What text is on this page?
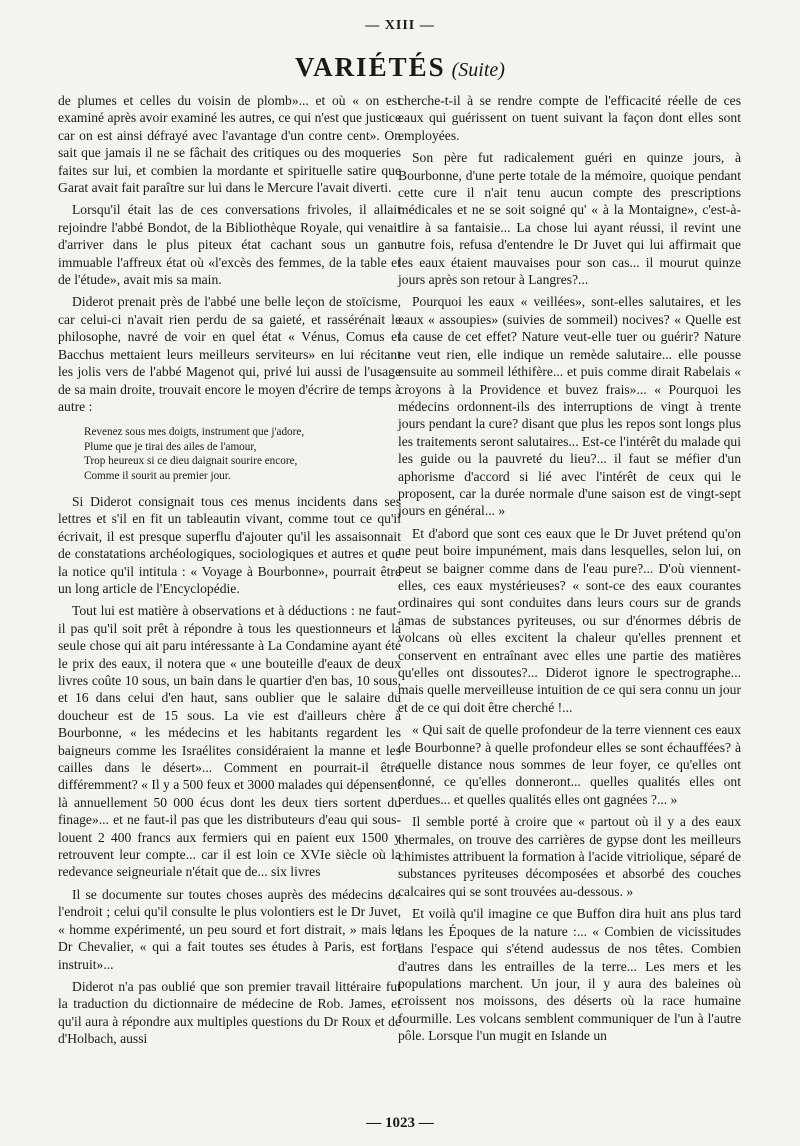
— XIII —
VARIÉTÉS (Suite)

de plumes et celles du voisin de plomb»... et où « on est examiné après avoir examiné les autres, ce qui n'est que justice car on est ainsi défrayé avec l'avantage d'un contre cent». On sait que jamais il ne se fâchait des critiques ou des moqueries faites sur lui, et combien la mordante et spirituelle satire que Garat avait fait paraître sur lui dans le Mercure l'avait diverti.

Lorsqu'il était las de ces conversations frivoles, il allait rejoindre l'abbé Bondot, de la Bibliothèque Royale, qui venait d'arriver dans le plus piteux état cachant sous un gant immuable l'affreux état où «l'excès des femmes, de la table et de l'étude», avait mis sa main.

Diderot prenait près de l'abbé une belle leçon de stoïcisme, car celui-ci n'avait rien perdu de sa gaieté, et rassérénait le philosophe, navré de voir en quel état « Vénus, Comus et Bacchus mettaient leurs meilleurs serviteurs» en lui récitant les jolis vers de l'abbé Magenot qui, privé lui aussi de l'usage de sa main droite, trouvait encore le moyen d'écrire de temps à autre :

Revenez sous mes doigts, instrument que j'adore,
Plume que je tirai des ailes de l'amour,
Trop heureux si ce dieu daignait sourire encore,
Comme il sourit au premier jour.

Si Diderot consignait tous ces menus incidents dans ses lettres et s'il en fit un tableautin vivant, comme tout ce qu'il écrivait, il est presque superflu d'ajouter qu'il les assaisonnait de constatations archéologiques, sociologiques et autres et que la notice qu'il intitula : « Voyage à Bourbonne», pourrait être un long article de l'Encyclopédie.

Tout lui est matière à observations et à déductions : ne faut-il pas qu'il soit prêt à répondre à tous les questionneurs et la seule chose qui ait paru intéressante à La Condamine ayant été le prix des eaux, il notera que « une bouteille d'eaux de deux livres coûte 10 sous, un bain dans le quartier d'en bas, 10 sous, et 16 dans celui d'en haut, sans oublier que le salaire du doucheur est de 15 sous. La vie est d'ailleurs chère à Bourbonne, « les médecins et les habitants regardent les baigneurs comme les Israélites considéraient la manne et les cailles dans le désert»... Comment en pourrait-il être différemment? « Il y a 500 feux et 3000 malades qui dépensent là annuellement 50 000 écus dont les deux tiers sortent du finage»... et ne faut-il pas que les distributeurs d'eau qui sous-louent 2 400 francs aux fermiers qui en paient eux 1500 y retrouvent leur compte... car il est loin ce XVIe siècle où la redevance seigneuriale n'était que de... six livres

Il se documente sur toutes choses auprès des médecins de l'endroit ; celui qu'il consulte le plus volontiers est le Dr Juvet, « homme expérimenté, un peu sourd et fort distrait, » mais le Dr Chevalier, « qui a fait toutes ses études à Paris, est fort instruit»...

Diderot n'a pas oublié que son premier travail littéraire fut la traduction du dictionnaire de médecine de Rob. James, et qu'il aura à répondre aux multiples questions du Dr Roux et de d'Holbach, aussi

cherche-t-il à se rendre compte de l'efficacité réelle de ces eaux qui guérissent on tuent suivant la façon dont elles sont employées.

Son père fut radicalement guéri en quinze jours, à Bourbonne, d'une perte totale de la mémoire, quoique pendant cette cure il n'ait tenu aucun compte des prescriptions médicales et ne se soit soigné qu' « à la Montaigne», c'est-à-dire à sa fantaisie... La chose lui ayant réussi, il revint une autre fois, refusa d'entendre le Dr Juvet qui lui affirmait que les eaux étaient mauvaises pour son cas... il mourut quinze jours après son retour à Langres?...

Pourquoi les eaux « veillées», sont-elles salutaires, et les eaux « assoupies» (suivies de sommeil) nocives? « Quelle est la cause de cet effet? Nature veut-elle tuer ou guérir? Nature ne veut rien, elle indique un remède salutaire... elle pousse ensuite au sommeil léthifère... et puis comme dirait Rabelais « croyons à la Providence et buvez frais»... « Pourquoi les médecins ordonnent-ils des interruptions de vingt à trente jours pendant la cure? disant que plus les repos sont longs plus les traitements seront salutaires... Est-ce l'intérêt du malade qui les guide ou la pauvreté du lieu?... il faut se méfier d'un aphorisme d'accord si lié avec l'intérêt de ceux qui le proposent, car la durée normale d'une saison est de vingt-sept jours en général... »

Et d'abord que sont ces eaux que le Dr Juvet prétend qu'on ne peut boire impunément, mais dans lesquelles, selon lui, on peut se baigner comme dans de l'eau pure?... D'où viennent-elles, ces eaux mystérieuses? « sont-ce des eaux courantes ordinaires qui sont conduites dans leurs cours sur de grands amas de substances pyriteuses, ou sur d'énormes débris de volcans où elles excitent la chaleur qu'elles prennent et conservent en entraînant avec elles une partie des matières qu'elles ont dissoutes?... Diderot ignore le spectrographe... mais quelle merveilleuse intuition de ce qui sera connu un jour et de ce qui doit être cherché !...

« Qui sait de quelle profondeur de la terre viennent ces eaux de Bourbonne? à quelle profondeur elles se sont échauffées? à quelle distance nous sommes de leur foyer, ce qu'elles ont donné, ce qu'elles donneront... quelles qualités elles ont perdues... et quelles qualités elles ont gagnées ?... »

Il semble porté à croire que « partout où il y a des eaux thermales, on trouve des carrières de gypse dont les meilleurs chimistes attribuent la formation à l'acide vitriolique, séparé de substances pyriteuses décomposées et absorbé des couches calcaires qui se sont trouvées au-dessous. »

Et voilà qu'il imagine ce que Buffon dira huit ans plus tard dans les Époques de la nature :... « Combien de vicissitudes dans l'espace qui s'étend audessus de nos têtes. Combien d'autres dans les entrailles de la terre... Les mers et les populations marchent. Un jour, il y aura des baleines où croissent nos moissons, des déserts où la race humaine fourmille. Les volcans semblent communiquer de l'un à l'autre pôle. Lorsque l'un mugit en Islande un

— 1023 —
